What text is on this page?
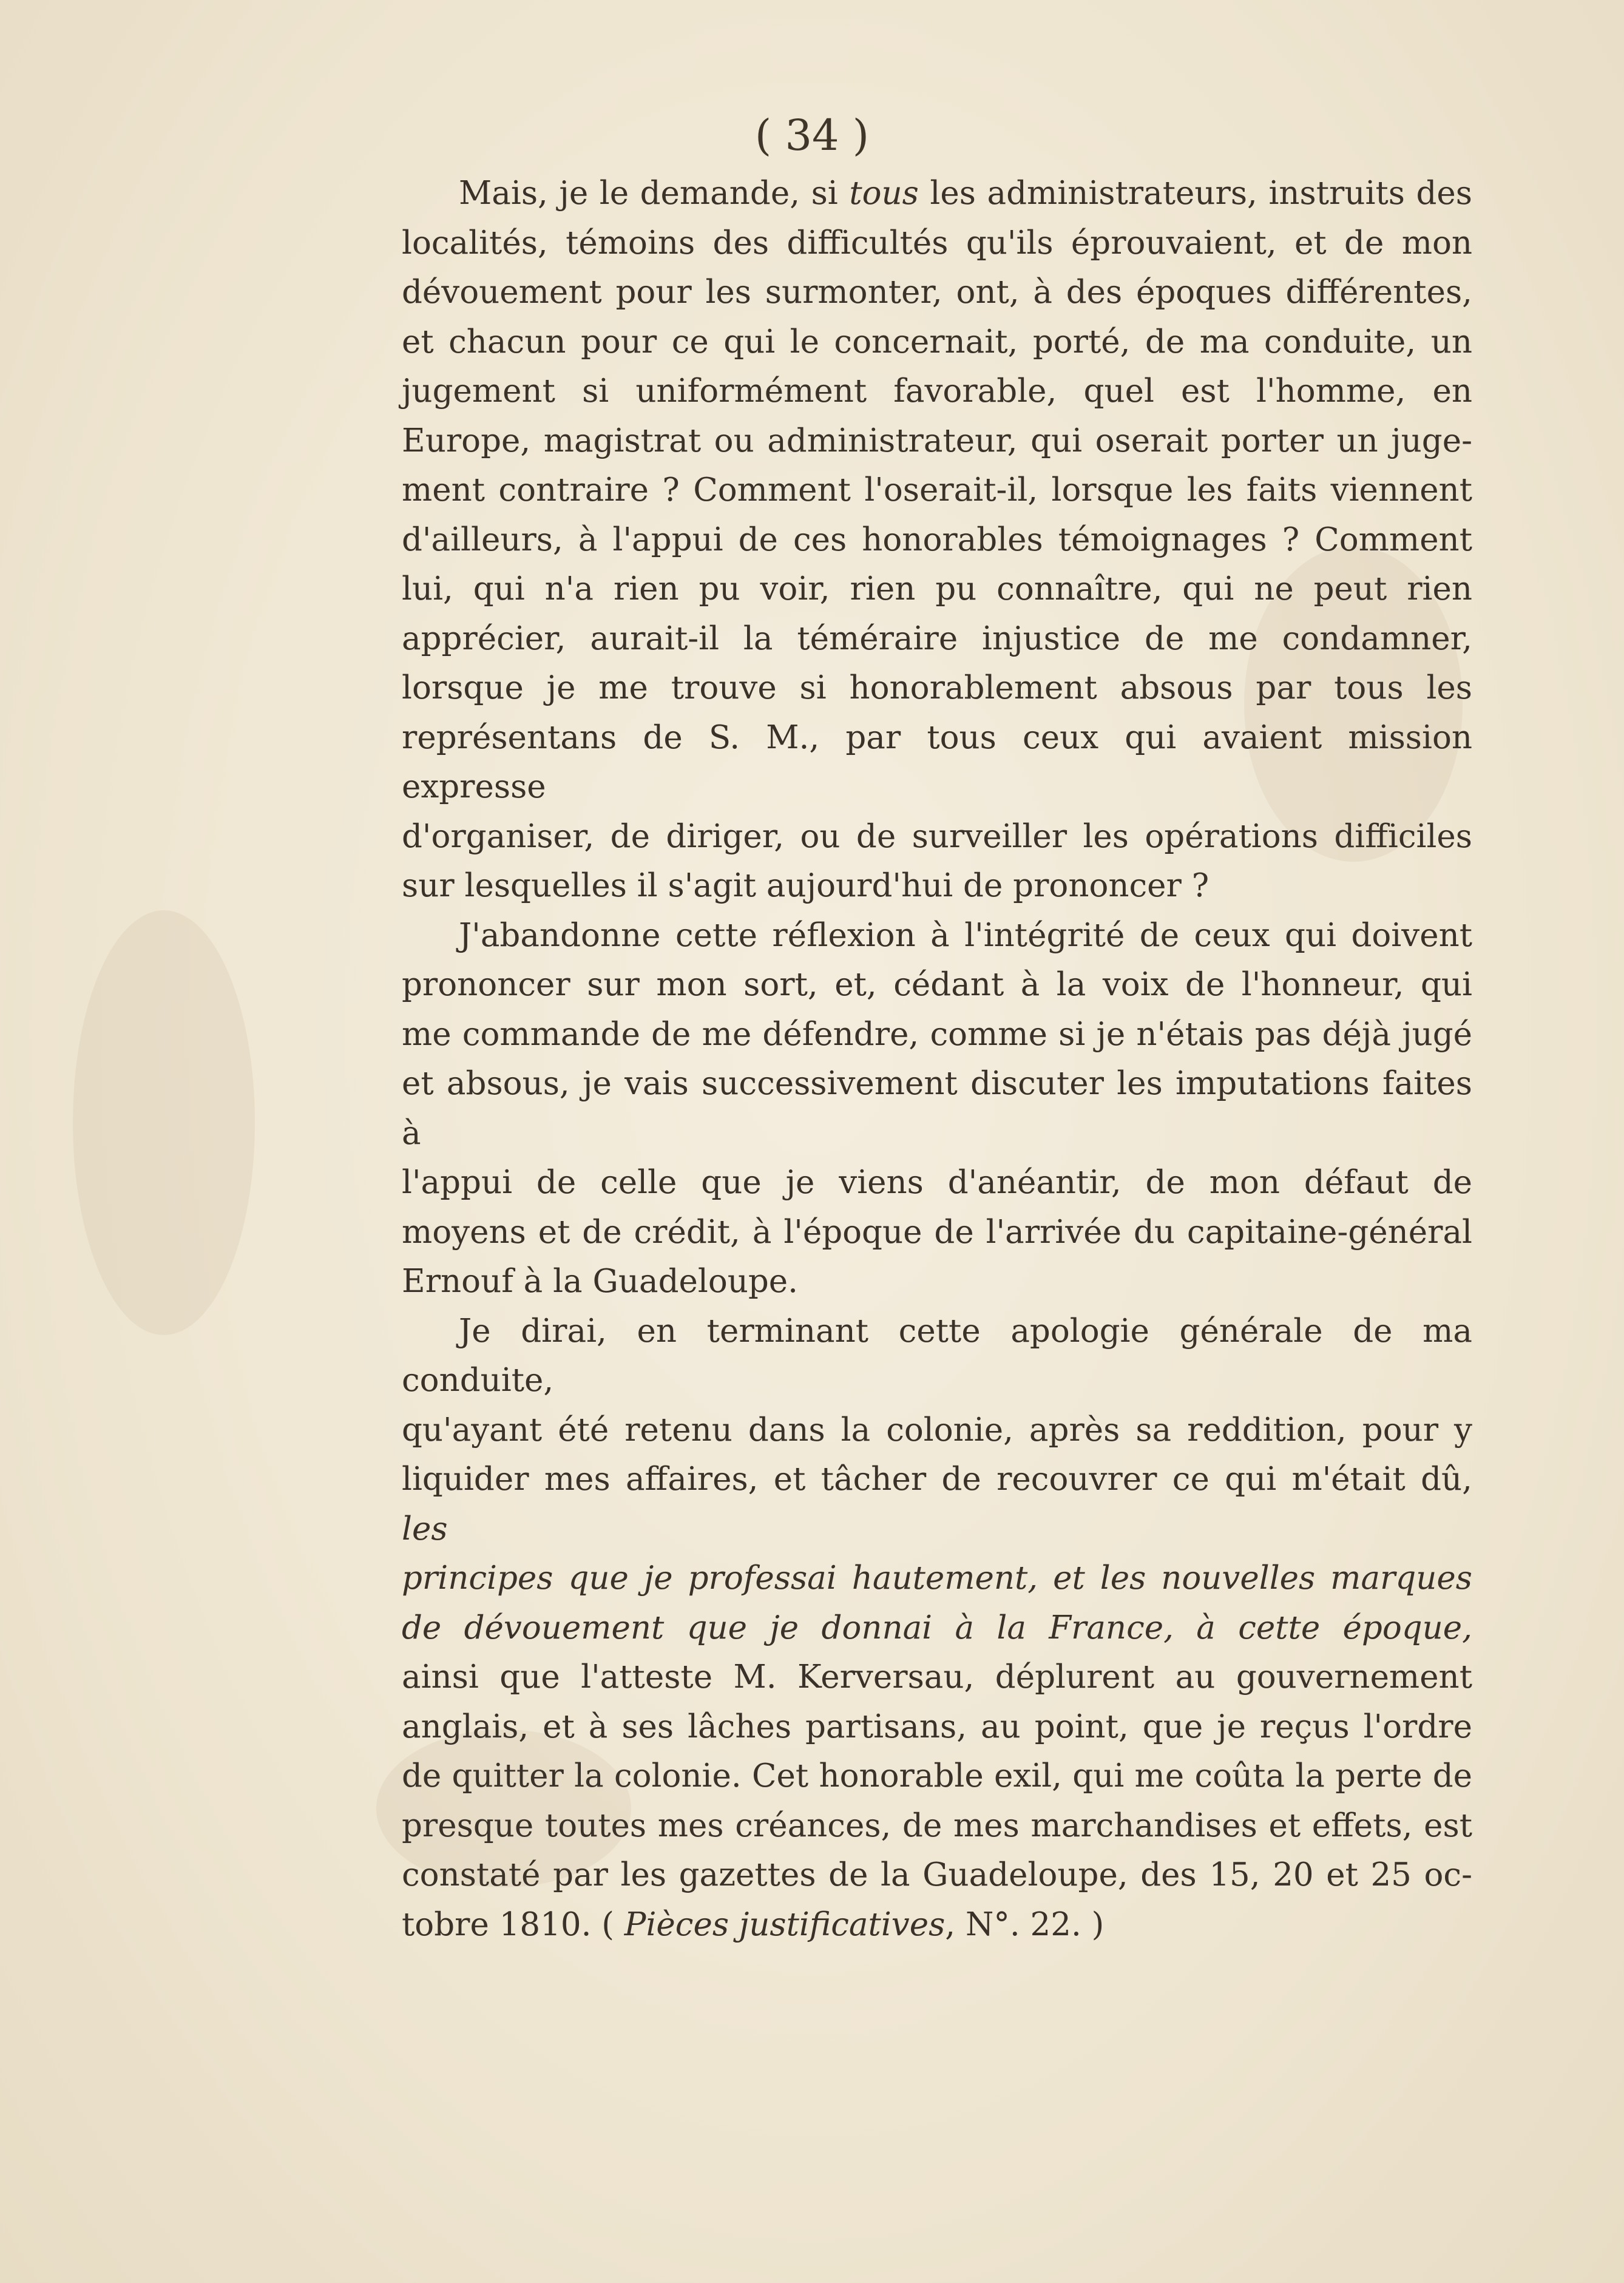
( 34 )

Mais, je le demande, si tous les administrateurs, instruits des

localités, témoins des difficultés qu'ils éprouvaient, et de mon

dévouement pour les surmonter, ont, à des époques différentes,

et chacun pour ce qui le concernait, porté, de ma conduite, un

jugement si uniformément favorable, quel est l'homme, en

Europe, magistrat ou administrateur, qui oserait porter un juge-

ment contraire ? Comment l'oserait-il, lorsque les faits viennent

d'ailleurs, à l'appui de ces honorables témoignages ? Comment

lui, qui n'a rien pu voir, rien pu connaître, qui ne peut rien

apprécier, aurait-il la téméraire injustice de me condamner,

lorsque je me trouve si honorablement absous par tous les

représentans de S. M., par tous ceux qui avaient mission expresse

d'organiser, de diriger, ou de surveiller les opérations difficiles

sur lesquelles il s'agit aujourd'hui de prononcer ?

J'abandonne cette réflexion à l'intégrité de ceux qui doivent

prononcer sur mon sort, et, cédant à la voix de l'honneur, qui

me commande de me défendre, comme si je n'étais pas déjà jugé

et absous, je vais successivement discuter les imputations faites à

l'appui de celle que je viens d'anéantir, de mon défaut de

moyens et de crédit, à l'époque de l'arrivée du capitaine-général

Ernouf à la Guadeloupe.

Je dirai, en terminant cette apologie générale de ma conduite,

qu'ayant été retenu dans la colonie, après sa reddition, pour y

liquider mes affaires, et tâcher de recouvrer ce qui m'était dû, les

principes que je professai hautement, et les nouvelles marques

de dévouement que je donnai à la France, à cette époque,

ainsi que l'atteste M. Kerversau, déplurent au gouvernement

anglais, et à ses lâches partisans, au point, que je reçus l'ordre

de quitter la colonie. Cet honorable exil, qui me coûta la perte de

presque toutes mes créances, de mes marchandises et effets, est

constaté par les gazettes de la Guadeloupe, des 15, 20 et 25 oc-

tobre 1810. ( Pièces justificatives, N°. 22. )
